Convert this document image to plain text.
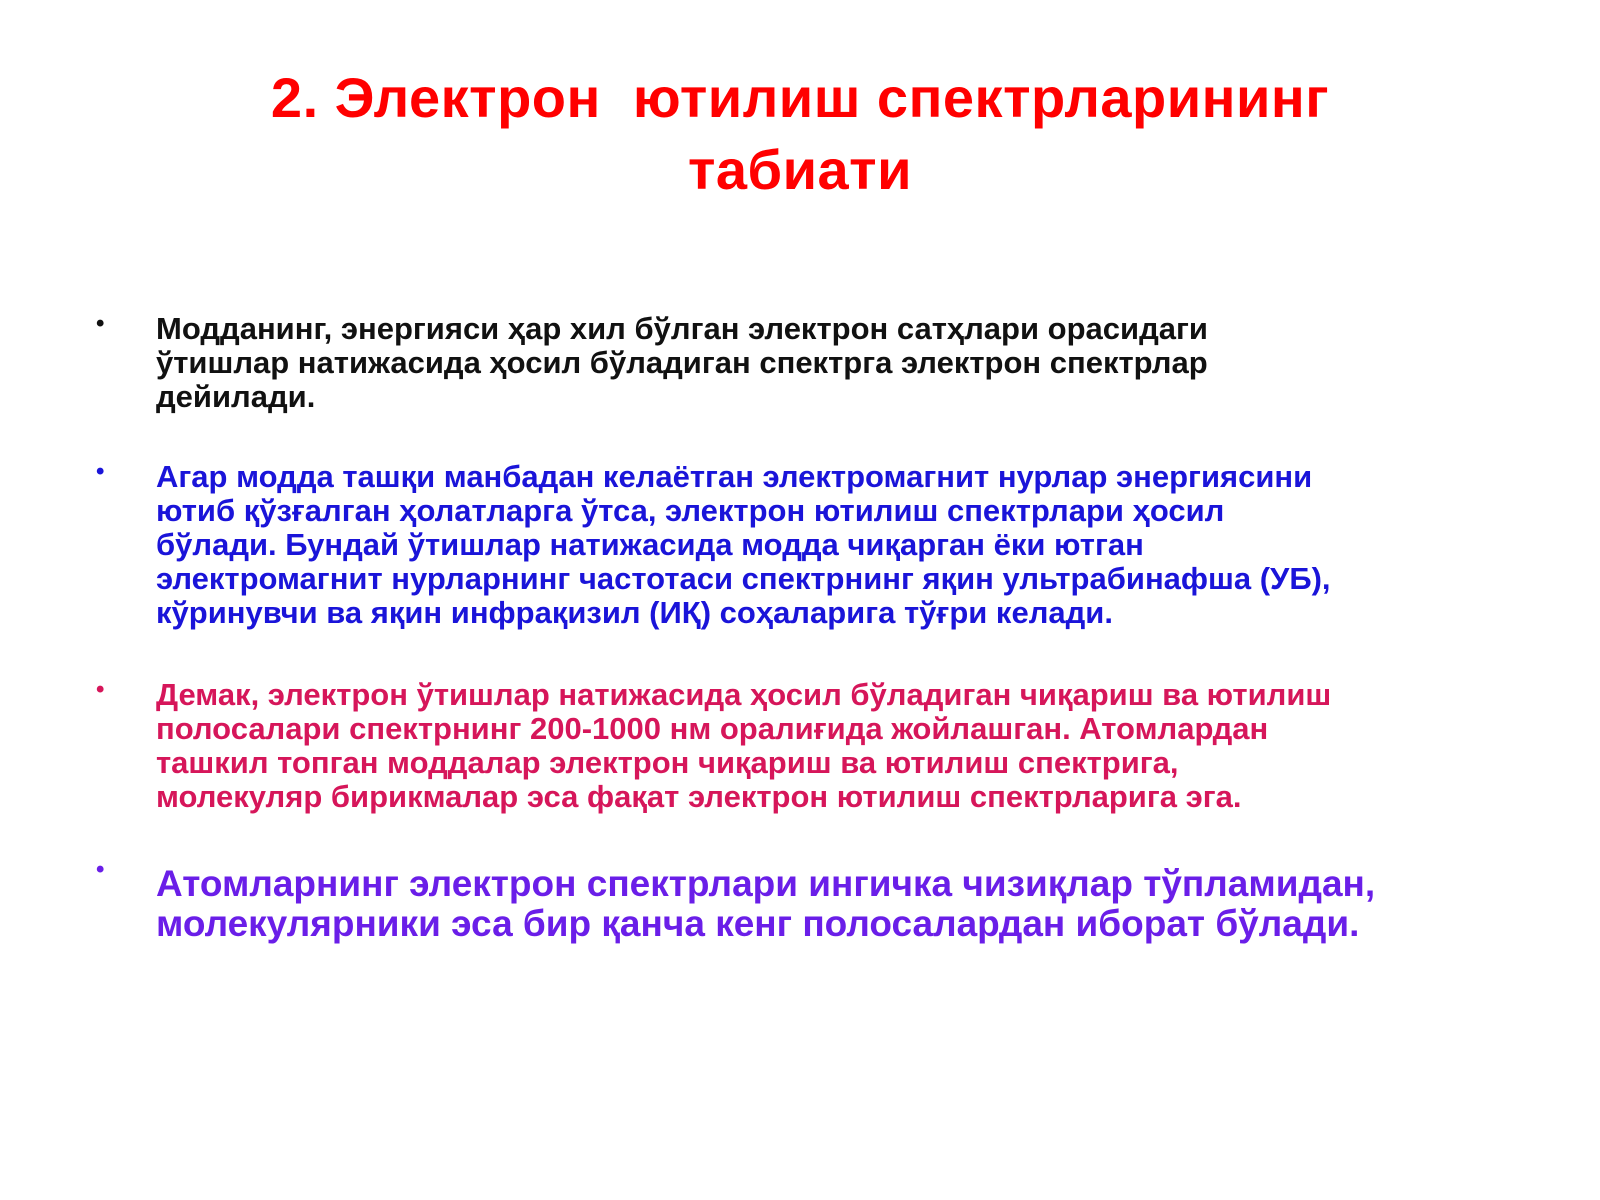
2. Электрон  ютилиш спектрларининг
табиати
• Модданинг, энергияси ҳар хил бўлган электрон сатҳлари орасидаги
ўтишлар натижасида ҳосил бўладиган спектрга электрон спектрлар
дейилади.
• Агар модда ташқи манбадан келаётган электромагнит нурлар энергиясини
ютиб қўзғалган ҳолатларга ўтса, электрон ютилиш спектрлари ҳосил
бўлади. Бундай ўтишлар натижасида модда чиқарган ёки ютган
электромагнит нурларнинг частотаси спектрнинг яқин ультрабинафша (УБ),
кўринувчи ва яқин инфрақизил (ИҚ) соҳаларига тўғри келади.
• Демак, электрон ўтишлар натижасида ҳосил бўладиган чиқариш ва ютилиш
полосалари спектрнинг 200-1000 нм оралиғида жойлашган. Атомлардан
ташкил топган моддалар электрон чиқариш ва ютилиш спектрига,
молекуляр бирикмалар эса фақат электрон ютилиш спектрларига эга.
• Атомларнинг электрон спектрлари ингичка чизиқлар тўпламидан,
молекулярники эса бир қанча кенг полосалардан иборат бўлади.
